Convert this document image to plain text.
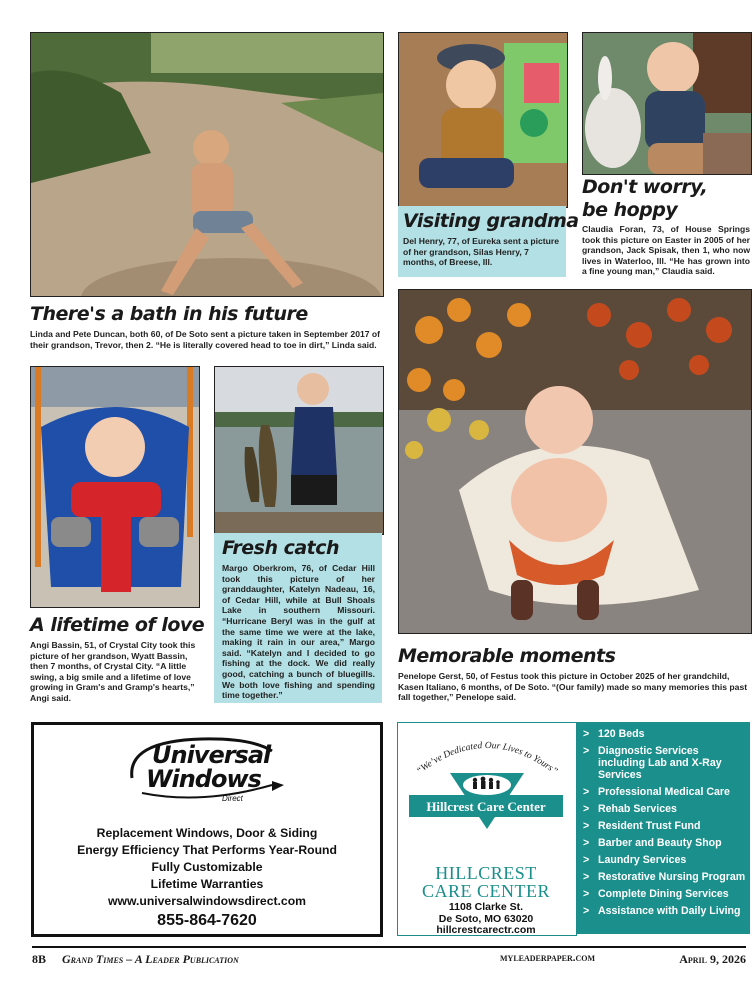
There's a bath in his future
Linda and Pete Duncan, both 60, of De Soto sent a picture taken in September 2017 of their grandson, Trevor, then 2. “He is literally covered head to toe in dirt,” Linda said.
Visiting grandma
Del Henry, 77, of Eureka sent a picture of her grandson, Silas Henry, 7 months, of Breese, Ill.
Don't worry,
be hoppy
Claudia Foran, 73, of House Springs took this picture on Easter in 2005 of her grandson, Jack Spisak, then 1, who now lives in Waterloo, Ill. “He has grown into a fine young man,” Claudia said.
Memorable moments
Penelope Gerst, 50, of Festus took this picture in October 2025 of her grandchild, Kasen Italiano, 6 months, of De Soto. “(Our family) made so many memories this past fall together,” Penelope said.
A lifetime of love
Angi Bassin, 51, of Crystal City took this picture of her grandson, Wyatt Bassin, then 7 months, of Crystal City. “A little swing, a big smile and a lifetime of love growing in Gram's and Gramp's hearts,” Angi said.
Fresh catch
Margo Oberkrom, 76, of Cedar Hill took this picture of her granddaughter, Katelyn Nadeau, 16, of Cedar Hill, while at Bull Shoals Lake in southern Missouri. “Hurricane Beryl was in the gulf at the same time we were at the lake, making it rain in our area,” Margo said. “Katelyn and I decided to go fishing at the dock. We did really good, catching a bunch of bluegills. We both love fishing and spending time together.”
Universal
Windows
Direct
Replacement Windows, Door & Siding
Energy Efficiency That Performs Year-Round
Fully Customizable
Lifetime Warranties
www.universalwindowsdirect.com
855-864-7620
“We’ve Dedicated Our Lives to Yours”
Hillcrest Care Center
HILLCREST
CARE CENTER
1108 Clarke St.
De Soto, MO 63020
hillcrestcarectr.com
> 120 Beds
> Diagnostic Services including Lab and X-Ray Services
> Professional Medical Care
> Rehab Services
> Resident Trust Fund
> Barber and Beauty Shop
> Laundry Services
> Restorative Nursing Program
> Complete Dining Services
> Assistance with Daily Living
8B Grand Times – A Leader Publication	myleaderpaper.com	April 9, 2026
